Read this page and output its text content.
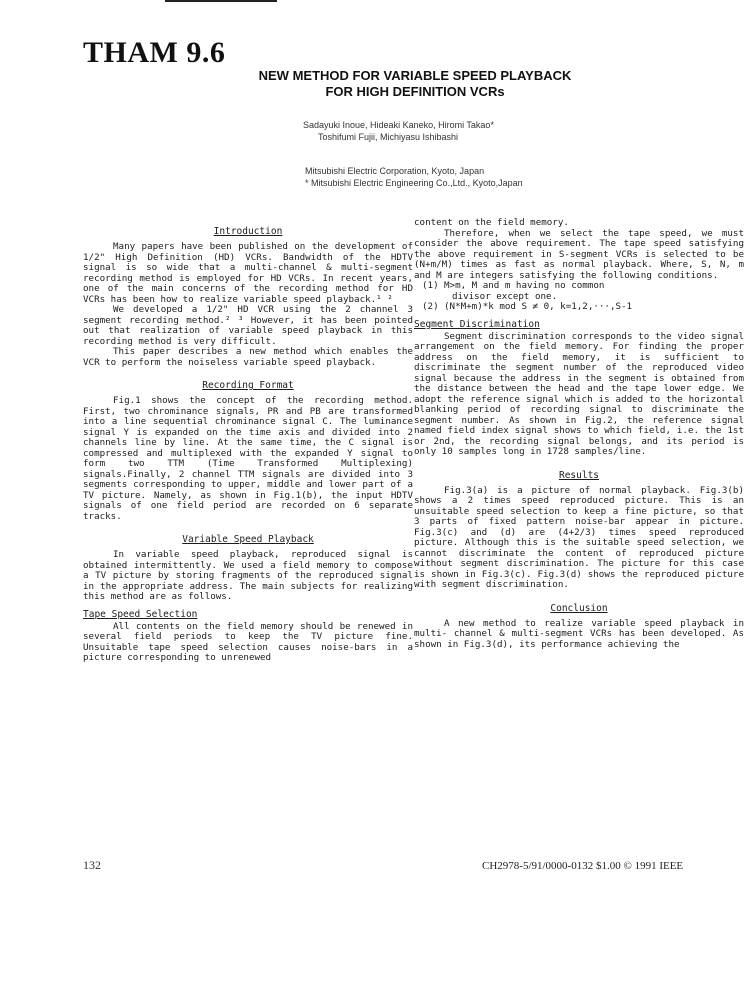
THAM 9.6
NEW METHOD FOR VARIABLE SPEED PLAYBACK
FOR HIGH DEFINITION VCRs
Sadayuki Inoue, Hideaki Kaneko, Hiromi Takao*
Toshifumi Fujii, Michiyasu Ishibashi
Mitsubishi Electric Corporation, Kyoto, Japan
* Mitsubishi Electric Engineering Co.,Ltd., Kyoto,Japan
Introduction

Many papers have been published on the development of 1/2" High Definition (HD) VCRs. Bandwidth of the HDTV signal is so wide that a multi-channel & multi-segment recording method is employed for HD VCRs. In recent years, one of the main concerns of the recording method for HD VCRs has been how to realize variable speed playback.¹ ²

We developed a 1/2" HD VCR using the 2 channel 3 segment recording method.² ³ However, it has been pointed out that realization of variable speed playback in this recording method is very difficult.

This paper describes a new method which enables the VCR to perform the noiseless variable speed playback.

Recording Format

Fig.1 shows the concept of the recording method. First, two chrominance signals, PR and PB are transformed into a line sequential chrominance signal C. The luminance signal Y is expanded on the time axis and divided into 2 channels line by line. At the same time, the C signal is compressed and multiplexed with the expanded Y signal to form two TTM (Time Transformed Multiplexing) signals.Finally, 2 channel TTM signals are divided into 3 segments corresponding to upper, middle and lower part of a TV picture. Namely, as shown in Fig.1(b), the input HDTV signals of one field period are recorded on 6 separate tracks.

Variable Speed Playback

In variable speed playback, reproduced signal is obtained intermittently. We used a field memory to compose a TV picture by storing fragments of the reproduced signal in the appropriate address. The main subjects for realizing this method are as follows.

Tape Speed Selection

All contents on the field memory should be renewed in several field periods to keep the TV picture fine. Unsuitable tape speed selection causes noise-bars in a picture corresponding to unrenewed

content on the field memory.

Therefore, when we select the tape speed, we must consider the above requirement. The tape speed satisfying the above requirement in S-segment VCRs is selected to be (N+m/M) times as fast as normal playback. Where, S, N, m and M are integers satisfying the following conditions.

(1) M>m, M and m having no common
divisor except one.
(2) (N*M+m)*k mod S ≠ 0, k=1,2,···,S-1
Segment Discrimination

Segment discrimination corresponds to the video signal arrangement on the field memory. For finding the proper address on the field memory, it is sufficient to discriminate the segment number of the reproduced video signal because the address in the segment is obtained from the distance between the head and the tape lower edge. We adopt the reference signal which is added to the horizontal blanking period of recording signal to discriminate the segment number. As shown in Fig.2, the reference signal named field index signal shows to which field, i.e. the 1st or 2nd, the recording signal belongs, and its period is only 10 samples long in 1728 samples/line.

Results

Fig.3(a) is a picture of normal playback. Fig.3(b) shows a 2 times speed reproduced picture. This is an unsuitable speed selection to keep a fine picture, so that 3 parts of fixed pattern noise-bar appear in picture. Fig.3(c) and (d) are (4+2/3) times speed reproduced picture. Although this is the suitable speed selection, we cannot discriminate the content of reproduced picture without segment discrimination. The picture for this case is shown in Fig.3(c). Fig.3(d) shows the reproduced picture with segment discrimination.

Conclusion

A new method to realize variable speed playback in multi- channel & multi-segment VCRs has been developed. As shown in Fig.3(d), its performance achieving the

132	CH2978-5/91/0000-0132 $1.00 © 1991 IEEE
